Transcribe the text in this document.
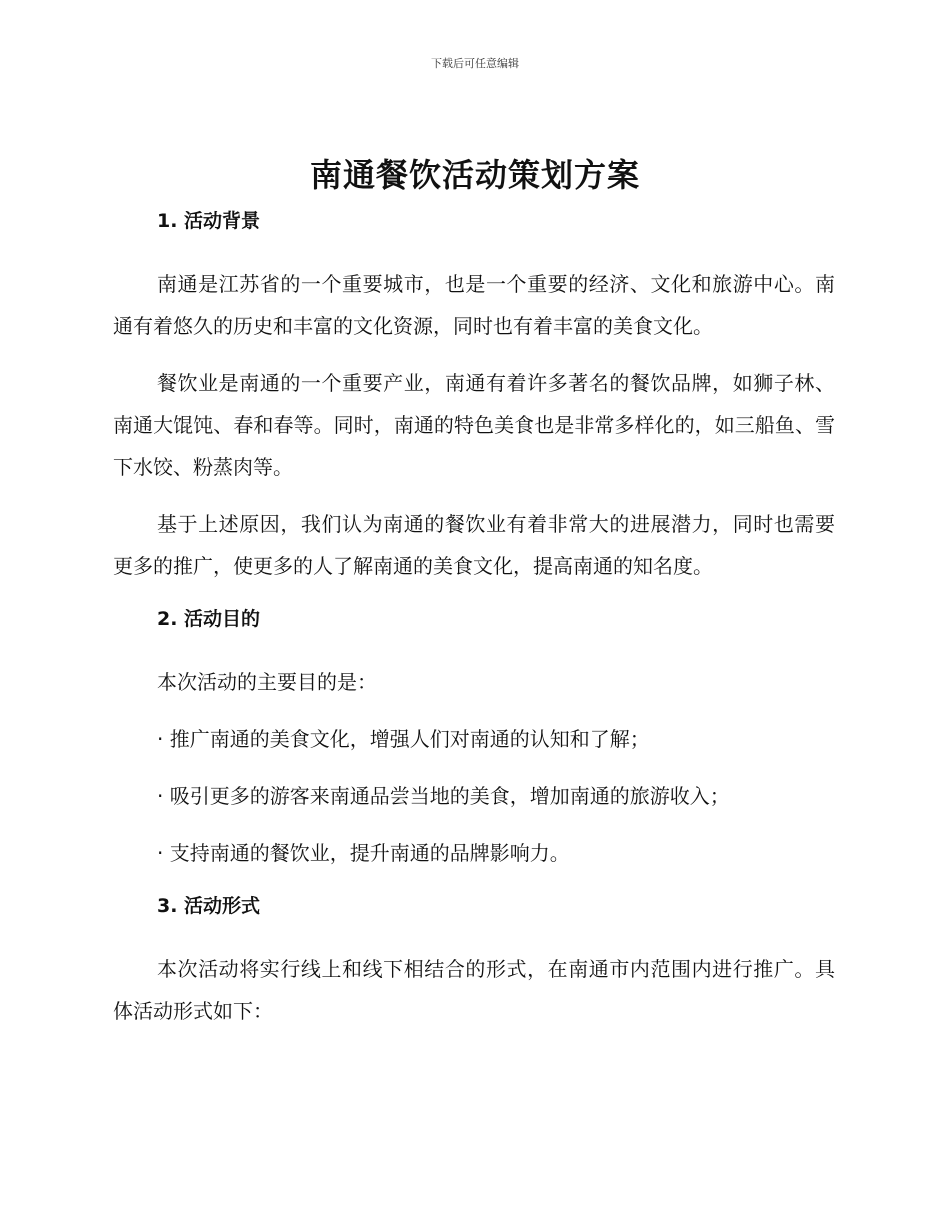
下载后可任意编辑
南通餐饮活动策划方案
1. 活动背景

南通是江苏省的一个重要城市，也是一个重要的经济、文化和旅游中心。南通有着悠久的历史和丰富的文化资源，同时也有着丰富的美食文化。

餐饮业是南通的一个重要产业，南通有着许多著名的餐饮品牌，如狮子林、南通大馄饨、春和春等。同时，南通的特色美食也是非常多样化的，如三船鱼、雪下水饺、粉蒸肉等。

基于上述原因，我们认为南通的餐饮业有着非常大的进展潜力，同时也需要更多的推广，使更多的人了解南通的美食文化，提高南通的知名度。

2. 活动目的

本次活动的主要目的是：

· 推广南通的美食文化，增强人们对南通的认知和了解；

· 吸引更多的游客来南通品尝当地的美食，增加南通的旅游收入；

· 支持南通的餐饮业，提升南通的品牌影响力。

3. 活动形式

本次活动将实行线上和线下相结合的形式，在南通市内范围内进行推广。具体活动形式如下：
